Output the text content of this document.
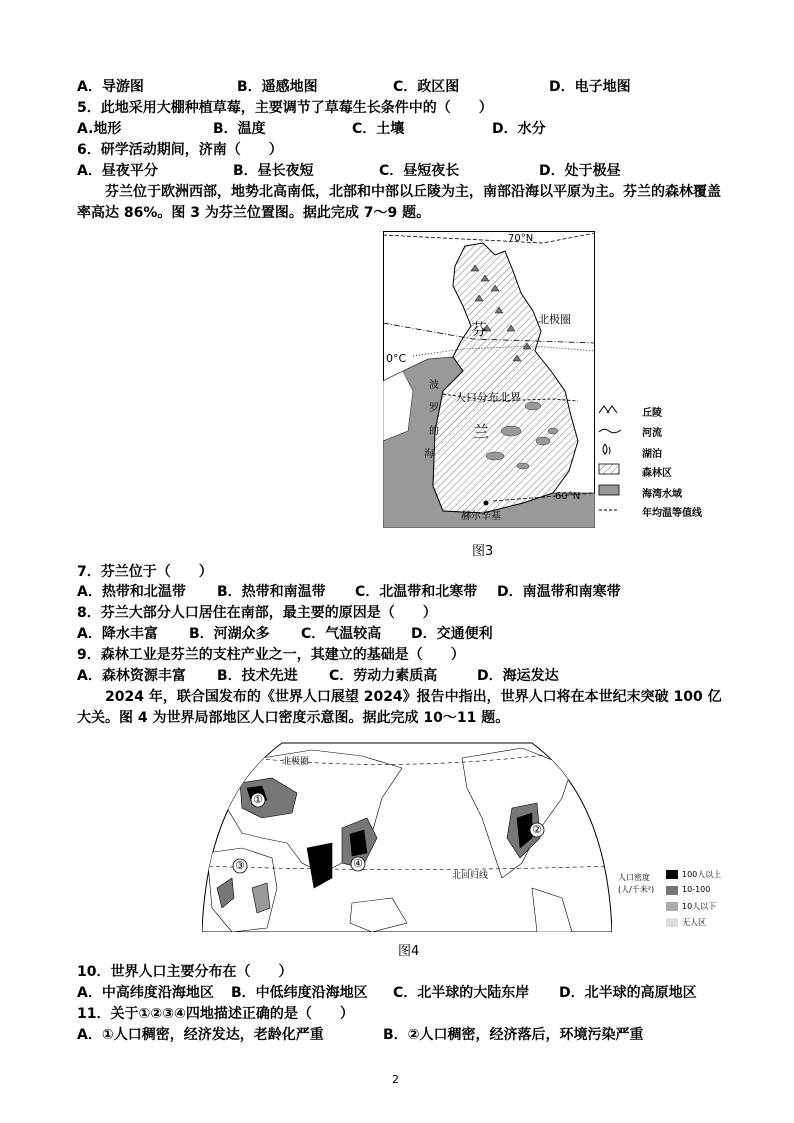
A．导游图	B．遥感地图	C．政区图	D．电子地图
5．此地采用大棚种植草莓，主要调节了草莓生长条件中的（　　）
A.地形	B．温度	C．土壤	D．水分
6．研学活动期间，济南（　　）
A．昼夜平分	B．昼长夜短	C．昼短夜长	D．处于极昼
芬兰位于欧洲西部，地势北高南低，北部和中部以丘陵为主，南部沿海以平原为主。芬兰的森林覆盖率高达 86%。图 3 为芬兰位置图。据此完成 7～9 题。
70°N
北极圈
芬
0°C
波
罗
的
海
人口分布北界
兰
60°N
赫尔辛基
丘陵
河流
湖泊
森林区
海湾水域
年均温等值线
图3
7．芬兰位于（　　）
A．热带和北温带 B．热带和南温带 C．北温带和北寒带 D．南温带和南寒带
8．芬兰大部分人口居住在南部，最主要的原因是（　　）
A．降水丰富 B．河湖众多 C．气温较高 D．交通便利
9．森林工业是芬兰的支柱产业之一，其建立的基础是（　　）
A．森林资源丰富 B．技术先进 C．劳动力素质高	D．海运发达
2024 年，联合国发布的《世界人口展望 2024》报告中指出，世界人口将在本世纪末突破 100 亿大关。图 4 为世界局部地区人口密度示意图。据此完成 10～11 题。
北极圈
北回归线
①
②
③	④
人口密度
(人/千米²)
100人以上
10-100
10人以下
无人区
图4
10．世界人口主要分布在（　　）
A．中高纬度沿海地区 B．中低纬度沿海地区 C．北半球的大陆东岸 D．北半球的高原地区
11．关于①②③④四地描述正确的是（　　）
A．①人口稠密，经济发达，老龄化严重	B．②人口稠密，经济落后，环境污染严重
2
